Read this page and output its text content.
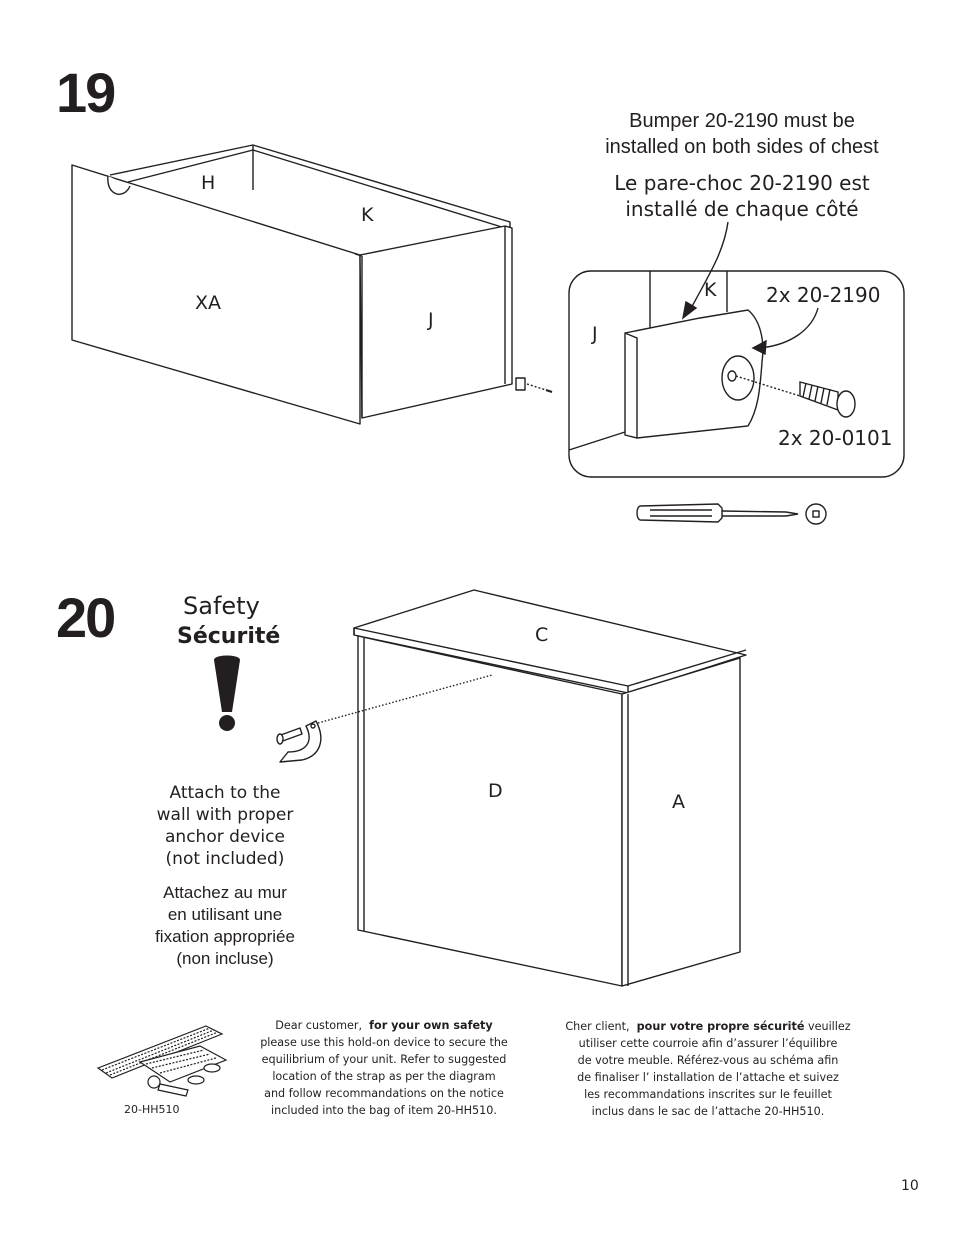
19
H
K
XA
J
Bumper 20-2190 must be
installed on both sides of chest
Le pare-choc 20-2190 est
installé de chaque côté
K
J
2x 20-2190
2x 20-0101
20	Safety
Sécurité	C
D	A
Attach to the
wall with proper
anchor device
(not included)
Attachez au mur
en utilisant une
fixation appropriée
(non incluse)
20-HH510
Dear customer, for your own safety
please use this hold-on device to secure the
equilibrium of your unit. Refer to suggested
location of the strap as per the diagram
and follow recommandations on the notice
included into the bag of item 20-HH510.
Cher client, pour votre propre sécurité veuillez
utiliser cette courroie afin d’assurer l’équilibre
de votre meuble. Référez-vous au schéma afin
de finaliser l’ installation de l’attache et suivez
les recommandations inscrites sur le feuillet
inclus dans le sac de l’attache 20-HH510.
10
